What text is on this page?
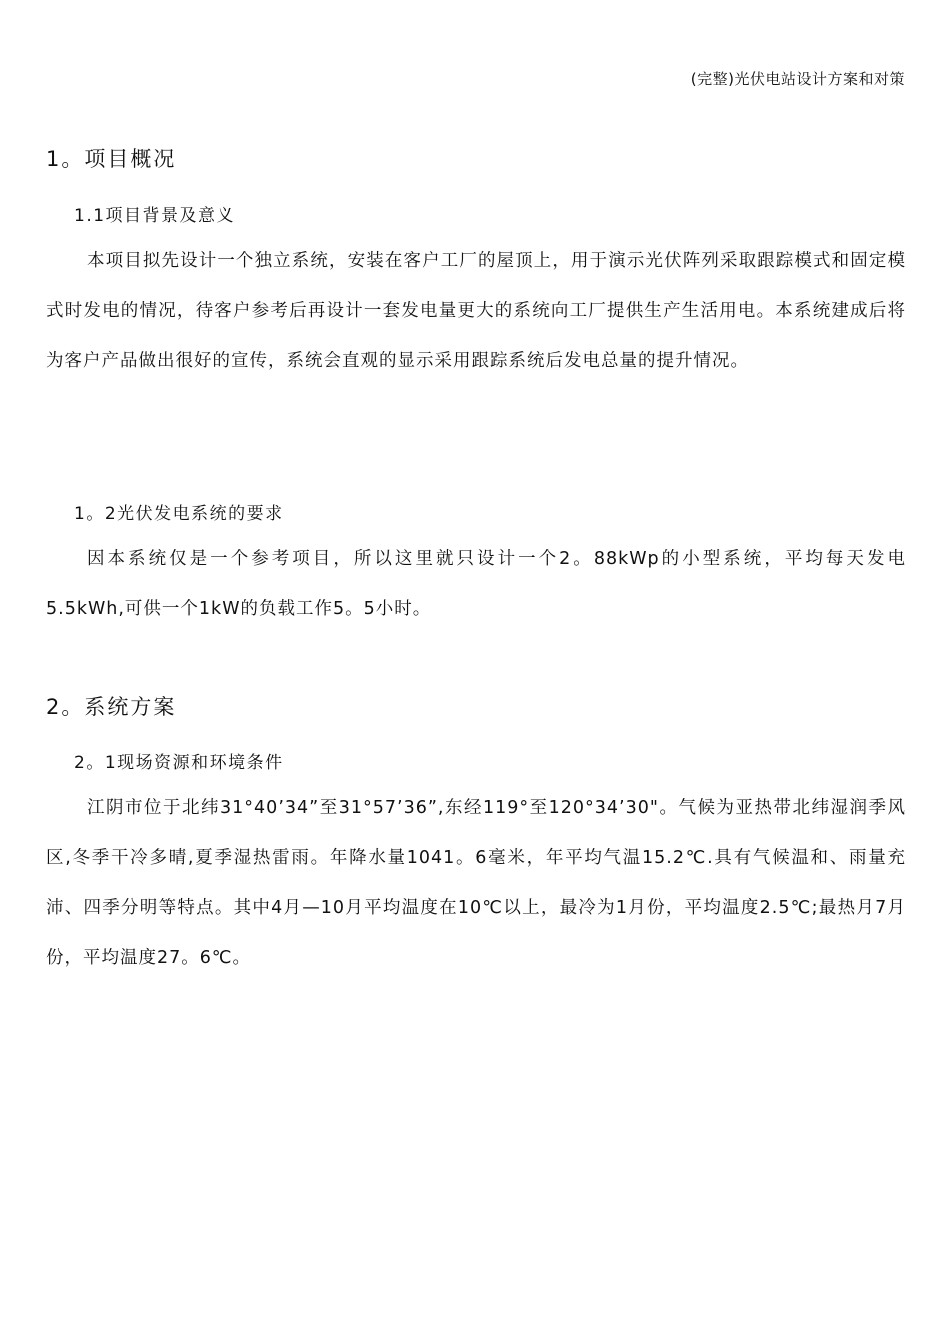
(完整)光伏电站设计方案和对策
1。项目概况
1.1项目背景及意义
本项目拟先设计一个独立系统，安装在客户工厂的屋顶上，用于演示光伏阵列采取跟踪模式和固定模式时发电的情况，待客户参考后再设计一套发电量更大的系统向工厂提供生产生活用电。本系统建成后将为客户产品做出很好的宣传，系统会直观的显示采用跟踪系统后发电总量的提升情况。
1。2光伏发电系统的要求
因本系统仅是一个参考项目，所以这里就只设计一个2。88kWp的小型系统，平均每天发电5.5kWh,可供一个1kW的负载工作5。5小时。
2。系统方案
2。1现场资源和环境条件
江阴市位于北纬31°40’34”至31°57’36”,东经119°至120°34’30"。气候为亚热带北纬湿润季风区,冬季干冷多晴,夏季湿热雷雨。年降水量1041。6毫米，年平均气温15.2℃.具有气候温和、雨量充沛、四季分明等特点。其中4月—10月平均温度在10℃以上，最冷为1月份，平均温度2.5℃;最热月7月份，平均温度27。6℃。
